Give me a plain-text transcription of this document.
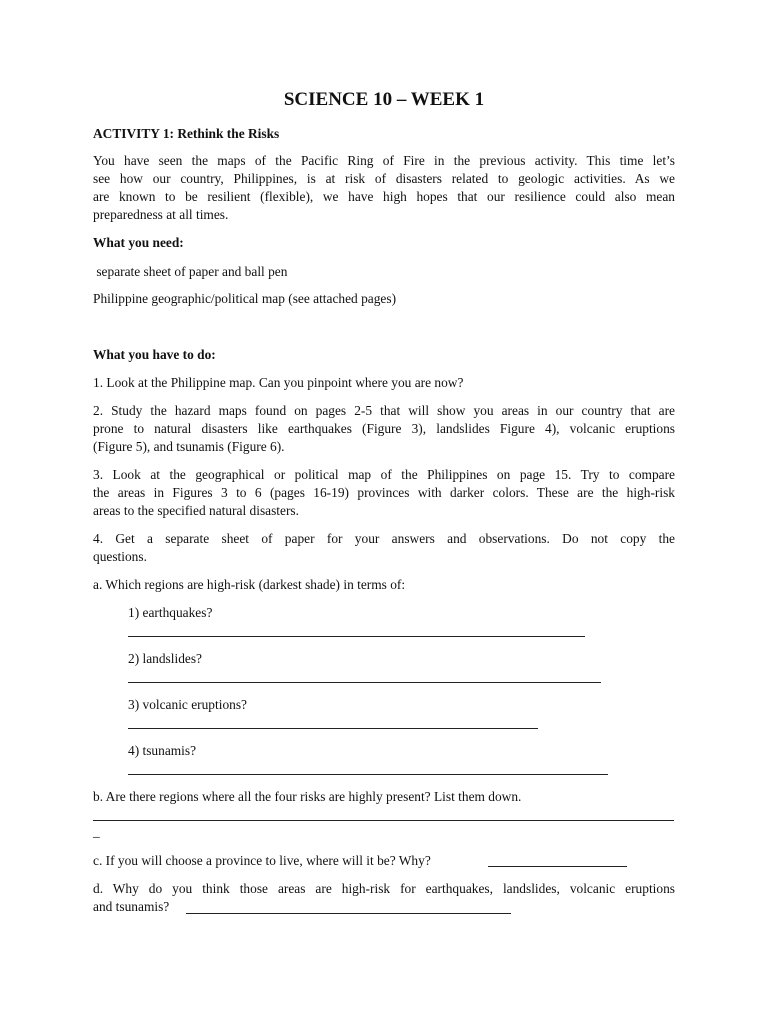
SCIENCE 10 – WEEK 1

ACTIVITY 1: Rethink the Risks

You have seen the maps of the Pacific Ring of Fire in the previous activity. This time let’s

see how our country, Philippines, is at risk of disasters related to geologic activities. As we

are known to be resilient (flexible), we have high hopes that our resilience could also mean

preparedness at all times.

What you need:

separate sheet of paper and ball pen

Philippine geographic/political map (see attached pages)

What you have to do:

1. Look at the Philippine map. Can you pinpoint where you are now?

2. Study the hazard maps found on pages 2-5 that will show you areas in our country that are

prone to natural disasters like earthquakes (Figure 3), landslides Figure 4), volcanic eruptions

(Figure 5), and tsunamis (Figure 6).

3. Look at the geographical or political map of the Philippines on page 15. Try to compare

the areas in Figures 3 to 6 (pages 16-19) provinces with darker colors. These are the high-risk

areas to the specified natural disasters.

4. Get a separate sheet of paper for your answers and observations. Do not copy the

questions.

a. Which regions are high-risk (darkest shade) in terms of:

1) earthquakes?

2) landslides?

3) volcanic eruptions?

4) tsunamis?

b. Are there regions where all the four risks are highly present? List them down.

_

c. If you will choose a province to live, where will it be? Why?

d. Why do you think those areas are high-risk for earthquakes, landslides, volcanic eruptions

and tsunamis?
